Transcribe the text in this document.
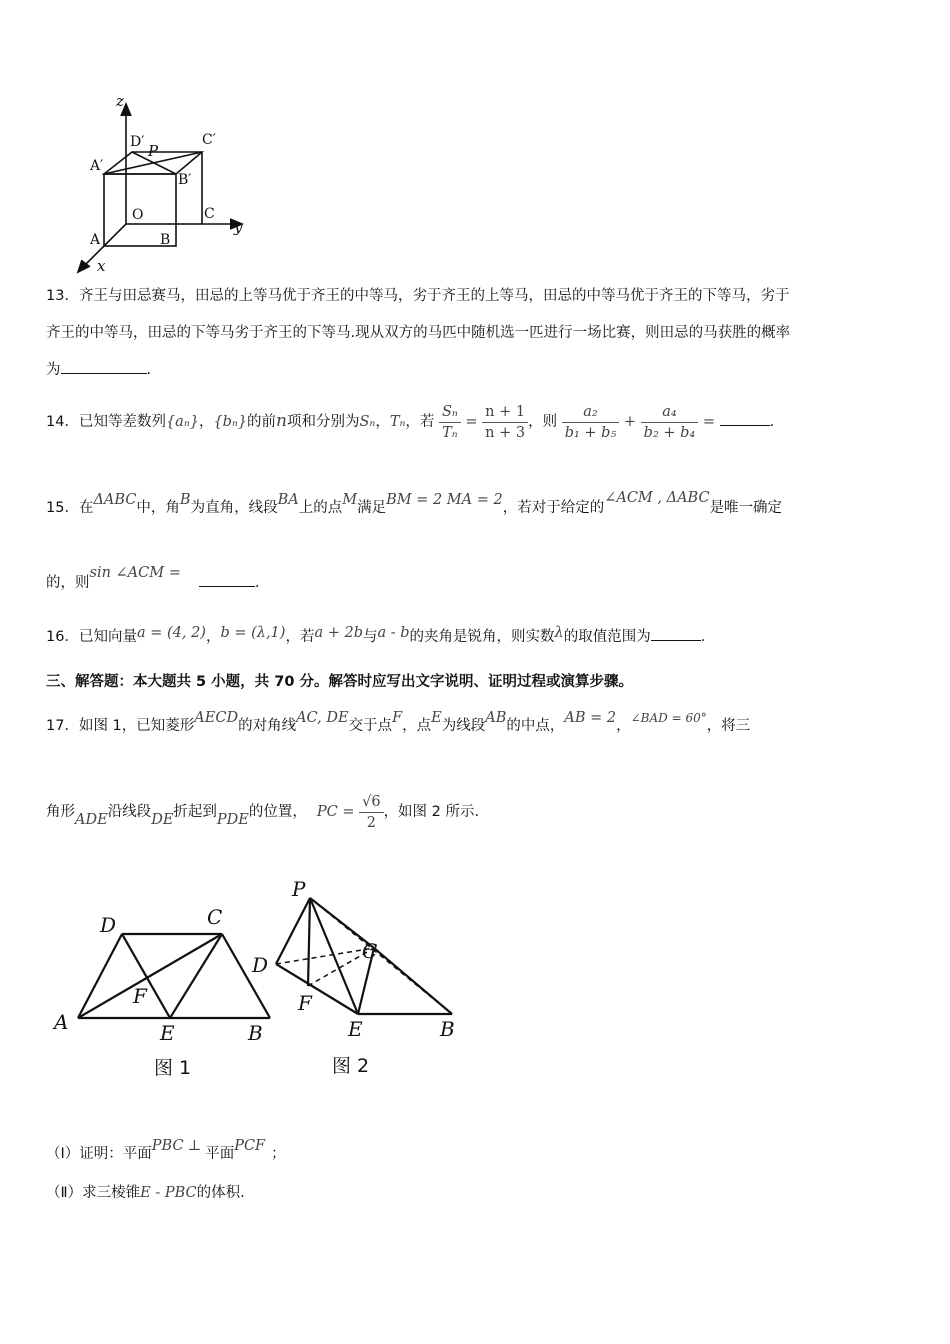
z
D′ P
C′
A′
B′
O	C
y
A	B
x
13．齐王与田忌赛马，田忌的上等马优于齐王的中等马，劣于齐王的上等马，田忌的中等马优于齐王的下等马，劣于
齐王的中等马，田忌的下等马劣于齐王的下等马.现从双方的马匹中随机选一匹进行一场比赛，则田忌的马获胜的概率
为	.
14．已知等差数列{aₙ}，{bₙ}的前n项和分别为Sₙ，Tₙ，若 $\frac{\text{Sₙ}}{\text{Tₙ}} = \frac{n + 1}{n + 3}$ ，则 $\frac{\text{a₂}}{\text{b₁ + b₅}} + \frac{\text{a₄}}{\text{b₂ + b₄}}$ =	.
15．在ΔABC中，角B为直角，线段BA上的点M满足BM = 2 MA = 2，若对于给定的∠ACM , ΔABC是唯一确定
的，则sin ∠ACM =.
16．已知向量a = (4, 2)，b = (λ,1)，若a + 2b与a - b的夹角是锐角，则实数λ的取值范围为	.
三、解答题：本大题共 5 小题，共 70 分。解答时应写出文字说明、证明过程或演算步骤。
17．如图 1，已知菱形AECD的对角线AC, DE交于点F，点E为线段AB的中点，AB = 2，$^{\angle BAD = 60^\circ}$，将三
角形ADE沿线段DE折起到PDE的位置， PC = $\frac{√6}{2}$ ，如图 2 所示.
D	C
F
A	E	B
图 1
P
D
C
F
E	B
图 2
（Ⅰ）证明：平面PBC ⊥ 平面PCF ；
（Ⅱ）求三棱锥E - PBC的体积.
